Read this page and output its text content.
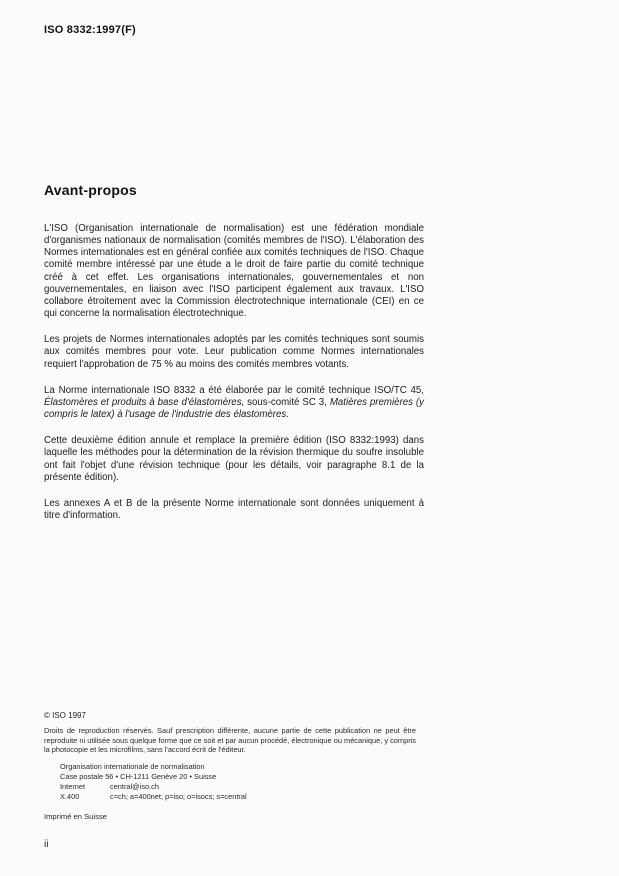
ISO 8332:1997(F)
Avant-propos

L'ISO (Organisation internationale de normalisation) est une fédération mondiale d'organismes nationaux de normalisation (comités membres de l'ISO). L'élaboration des Normes internationales est en général confiée aux comités techniques de l'ISO. Chaque comité membre intéressé par une étude a le droit de faire partie du comité technique créé à cet effet. Les organisations internationales, gouvernementales et non gouvernementales, en liaison avec l'ISO participent également aux travaux. L'ISO collabore étroitement avec la Commission électrotechnique internationale (CEI) en ce qui concerne la normalisation électrotechnique.

Les projets de Normes internationales adoptés par les comités techniques sont soumis aux comités membres pour vote. Leur publication comme Normes internationales requiert l'approbation de 75 % au moins des comités membres votants.

La Norme internationale ISO 8332 a été élaborée par le comité technique ISO/TC 45, Élastomères et produits à base d'élastomères, sous-comité SC 3, Matières premières (y compris le latex) à l'usage de l'industrie des élastomères.

Cette deuxième édition annule et remplace la première édition (ISO 8332:1993) dans laquelle les méthodes pour la détermination de la révision thermique du soufre insoluble ont fait l'objet d'une révision technique (pour les détails, voir paragraphe 8.1 de la présente édition).

Les annexes A et B de la présente Norme internationale sont données uniquement à titre d'information.

© ISO 1997

Droits de reproduction réservés. Sauf prescription différente, aucune partie de cette publication ne peut être reproduite ni utilisée sous quelque forme que ce soit et par aucun procédé, électronique ou mécanique, y compris la photocopie et les microfilms, sans l'accord écrit de l'éditeur.

Organisation internationale de normalisation
Case postale 56 • CH-1211 Genève 20 • Suisse
Internet	central@iso.ch
X.400	c=ch; a=400net; p=iso; o=isocs; s=central
Imprimé en Suisse
ii
